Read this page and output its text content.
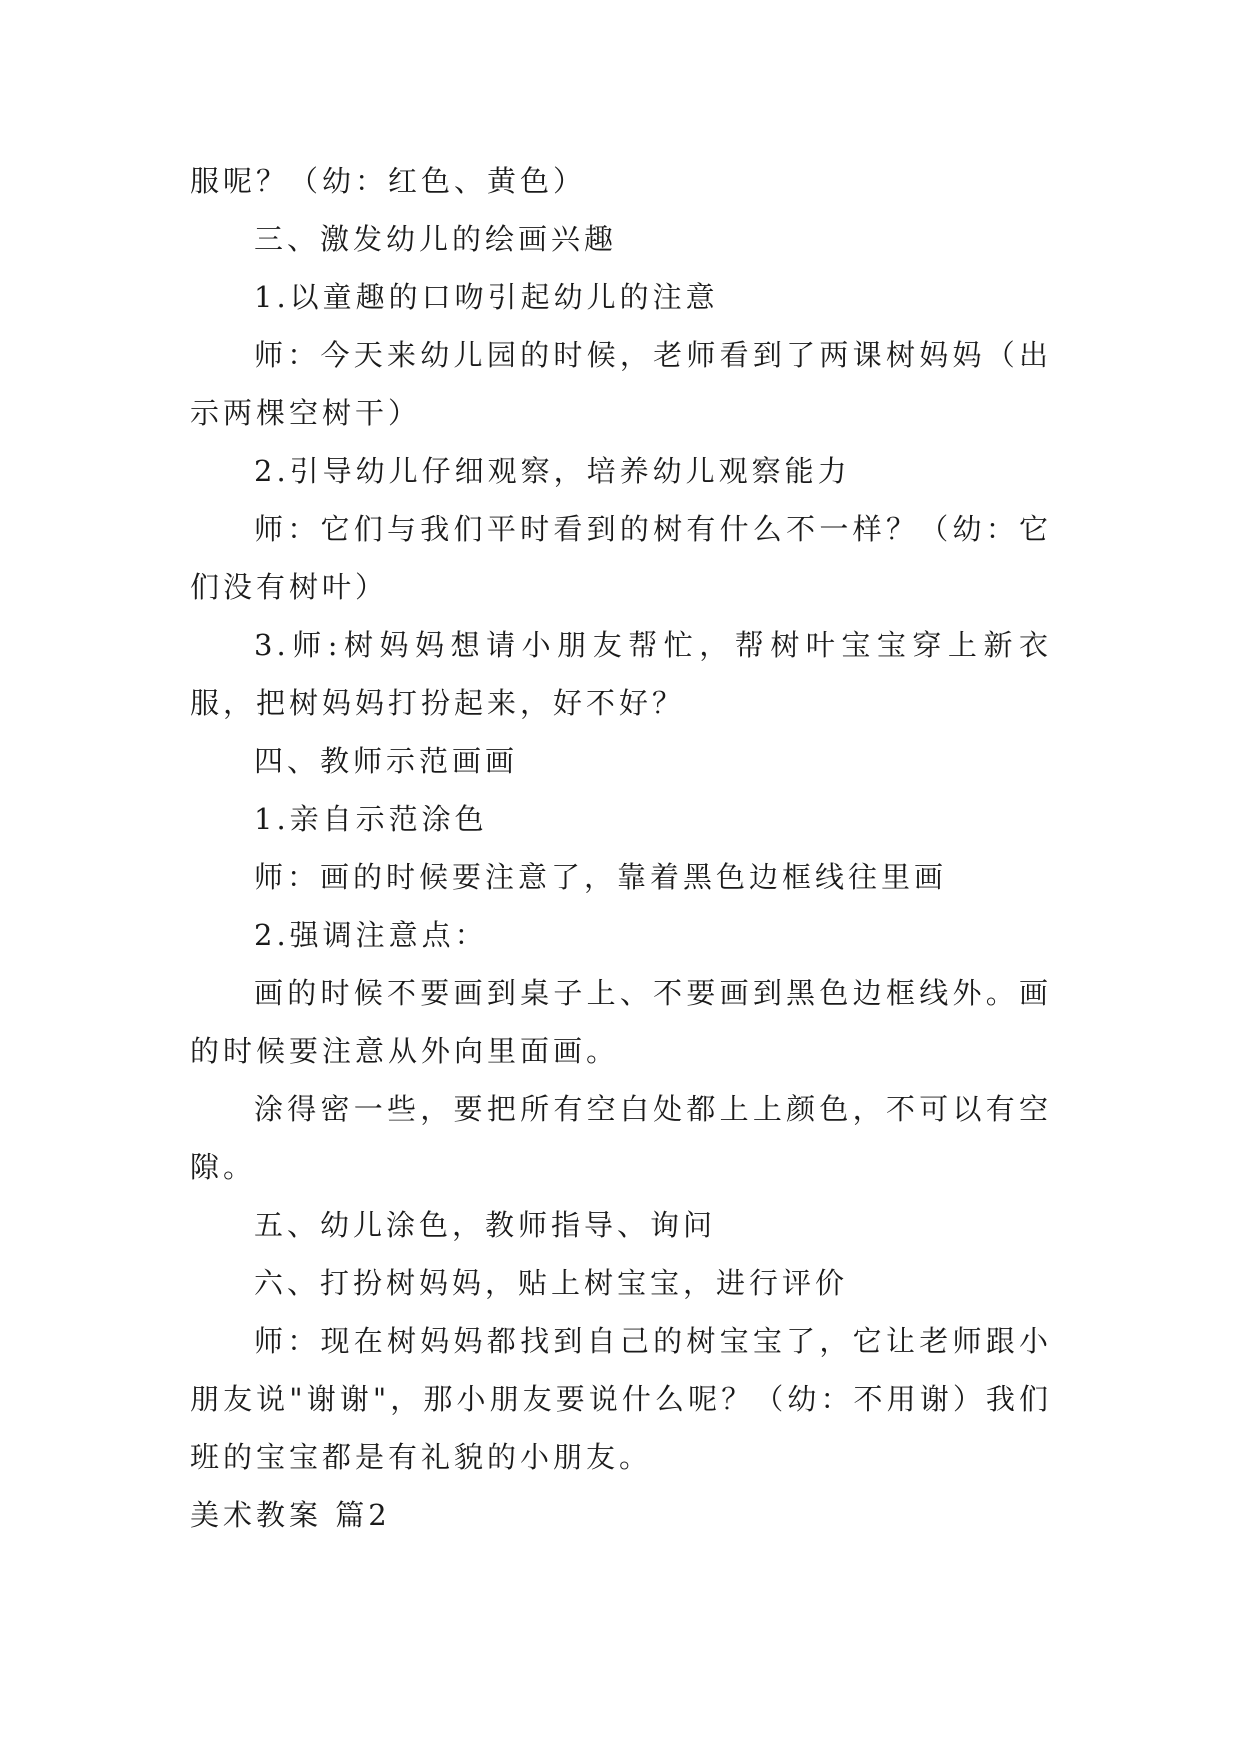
服呢？（幼：红色、黄色）

三、激发幼儿的绘画兴趣

1.以童趣的口吻引起幼儿的注意

师：今天来幼儿园的时候，老师看到了两课树妈妈（出示两棵空树干）

2.引导幼儿仔细观察，培养幼儿观察能力

师：它们与我们平时看到的树有什么不一样？（幼：它们没有树叶）

3.师:树妈妈想请小朋友帮忙，帮树叶宝宝穿上新衣服，把树妈妈打扮起来，好不好？

四、教师示范画画

1.亲自示范涂色

师：画的时候要注意了，靠着黑色边框线往里画

2.强调注意点：

画的时候不要画到桌子上、不要画到黑色边框线外。画的时候要注意从外向里面画。

涂得密一些，要把所有空白处都上上颜色，不可以有空隙。

五、幼儿涂色，教师指导、询问

六、打扮树妈妈，贴上树宝宝，进行评价

师：现在树妈妈都找到自己的树宝宝了，它让老师跟小朋友说"谢谢"，那小朋友要说什么呢？（幼：不用谢）我们班的宝宝都是有礼貌的小朋友。

美术教案 篇2
